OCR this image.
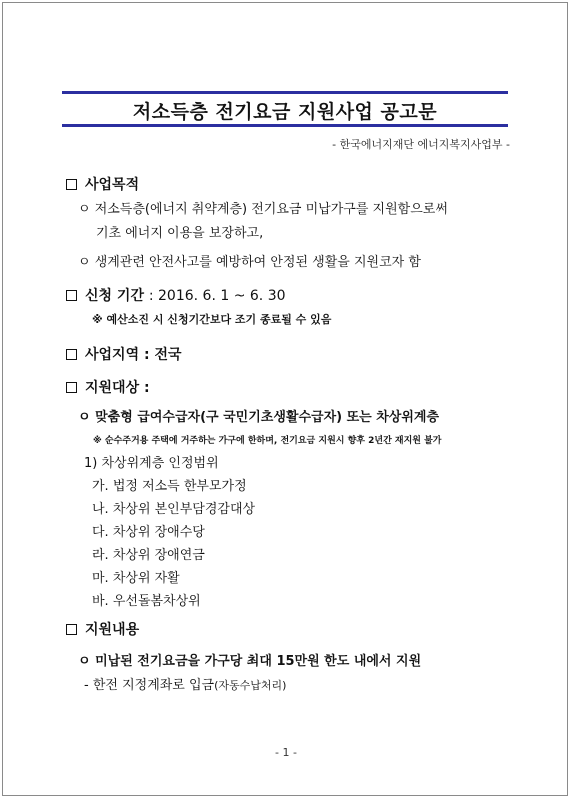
저소득층 전기요금 지원사업 공고문
- 한국에너지재단 에너지복지사업부 -
사업목적
ㅇ 저소득층(에너지 취약계층) 전기요금 미납가구를 지원함으로써
기초 에너지 이용을 보장하고,
ㅇ 생계관련 안전사고를 예방하여 안정된 생활을 지원코자 함
신청 기간 : 2016. 6. 1 ~ 6. 30
※ 예산소진 시 신청기간보다 조기 종료될 수 있음
사업지역 : 전국
지원대상 :
ㅇ 맞춤형 급여수급자(구 국민기초생활수급자) 또는 차상위계층
※ 순수주거용 주택에 거주하는 가구에 한하며, 전기요금 지원시 향후 2년간 재지원 불가
1) 차상위계층 인정범위
가. 법정 저소득 한부모가정
나. 차상위 본인부담경감대상
다. 차상위 장애수당
라. 차상위 장애연금
마. 차상위 자활
바. 우선돌봄차상위
지원내용
ㅇ 미납된 전기요금을 가구당 최대 15만원 한도 내에서 지원
- 한전 지정계좌로 입금(자동수납처리)
- 1 -
